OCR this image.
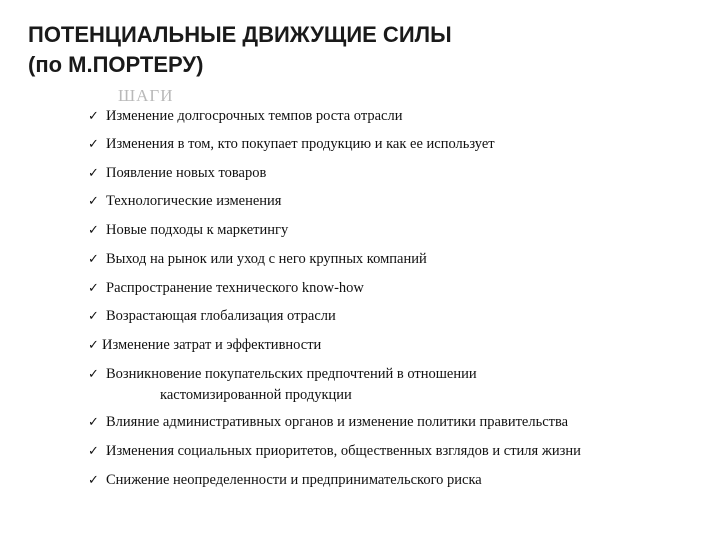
ПОТЕНЦИАЛЬНЫЕ ДВИЖУЩИЕ СИЛЫ
(по М.ПОРТЕРУ)
ШАГИ
✓ Изменение долгосрочных темпов роста отрасли
✓ Изменения в том, кто покупает продукцию и как ее использует
✓ Появление новых товаров
✓ Технологические изменения
✓ Новые подходы к маркетингу
✓ Выход на рынок или уход с него крупных компаний
✓ Распространение технического know-how
✓ Возрастающая глобализация отрасли
✓ Изменение затрат и эффективности
✓ Возникновение покупательских предпочтений в отношении
кастомизированной продукции
✓ Влияние административных органов и изменение политики правительства
✓ Изменения социальных приоритетов, общественных взглядов и стиля жизни
✓ Снижение неопределенности и предпринимательского риска
